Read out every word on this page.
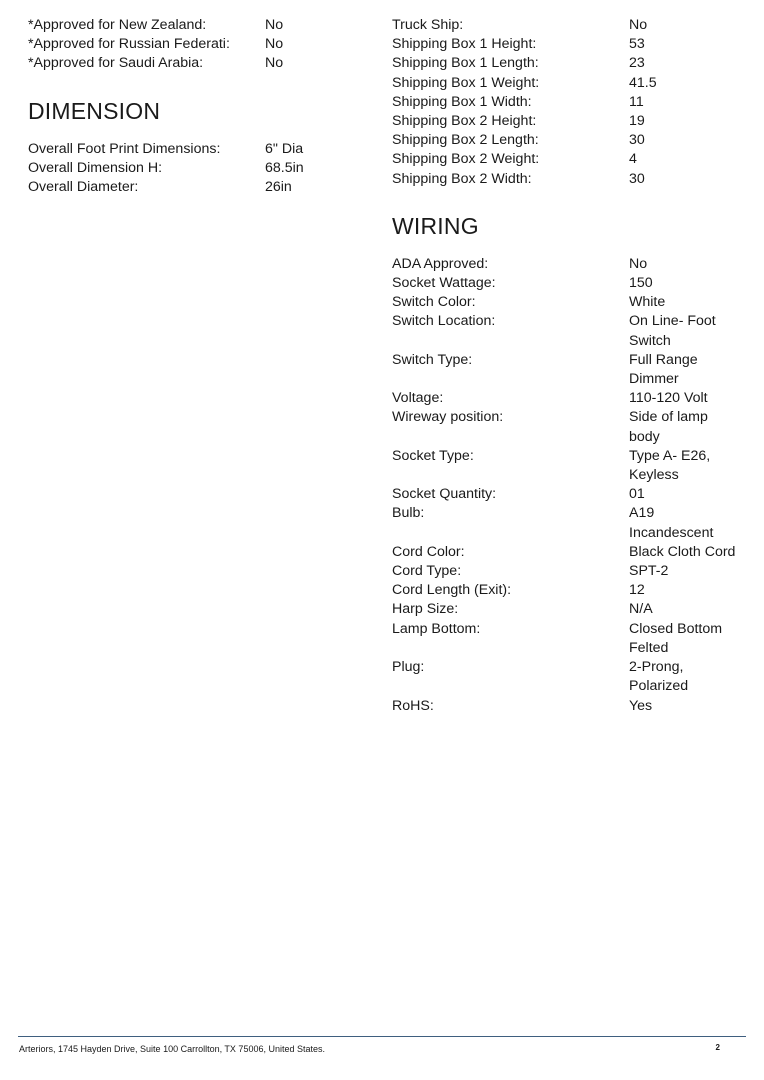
*Approved for New Zealand:	No
*Approved for Russian Federati:	No
*Approved for Saudi Arabia:	No
DIMENSION
Overall Foot Print Dimensions:	6" Dia
Overall Dimension H:	68.5in
Overall Diameter:	26in
Truck Ship:	No
Shipping Box 1 Height:	53
Shipping Box 1 Length:	23
Shipping Box 1 Weight:	41.5
Shipping Box 1 Width:	11
Shipping Box 2 Height:	19
Shipping Box 2 Length:	30
Shipping Box 2 Weight:	4
Shipping Box 2 Width:	30
WIRING
ADA Approved:	No
Socket Wattage:	150
Switch Color:	White
Switch Location:	On Line- Foot Switch
Switch Type:	Full Range Dimmer
Voltage:	110-120 Volt
Wireway position:	Side of lamp body
Socket Type:	Type A- E26, Keyless
Socket Quantity:	01
Bulb:	A19 Incandescent
Cord Color:	Black Cloth Cord
Cord Type:	SPT-2
Cord Length (Exit):	12
Harp Size:	N/A
Lamp Bottom:	Closed Bottom Felted
Plug:	2-Prong, Polarized
RoHS:	Yes
Arteriors, 1745 Hayden Drive, Suite 100 Carrollton, TX 75006, United States.	2
